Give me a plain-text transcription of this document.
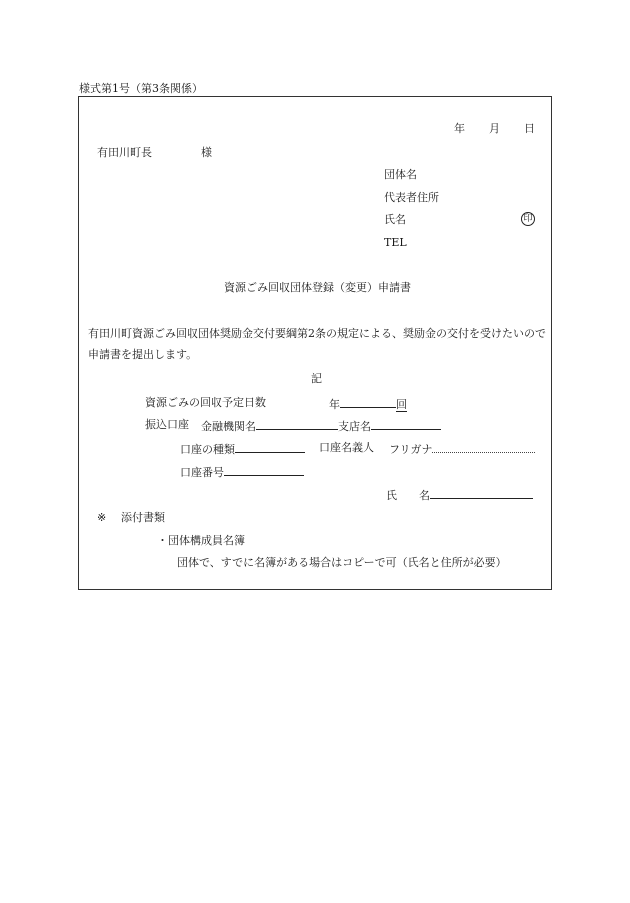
様式第1号（第3条関係）
年 月 日
有田川町長	様
団体名
代表者住所
氏名	印
TEL
資源ごみ回収団体登録（変更）申請書
有田川町資源ごみ回収団体奨励金交付要綱第2条の規定による、奨励金の交付を受けたいので申請書を提出します。
記
資源ごみの回収予定日数	年	回
振込口座 金融機関名	支店名
口座の種類	口座名義人 フリガナ
口座番号
氏　　名
※ 添付書類
・団体構成員名簿
団体で、すでに名簿がある場合はコピーで可（氏名と住所が必要）
